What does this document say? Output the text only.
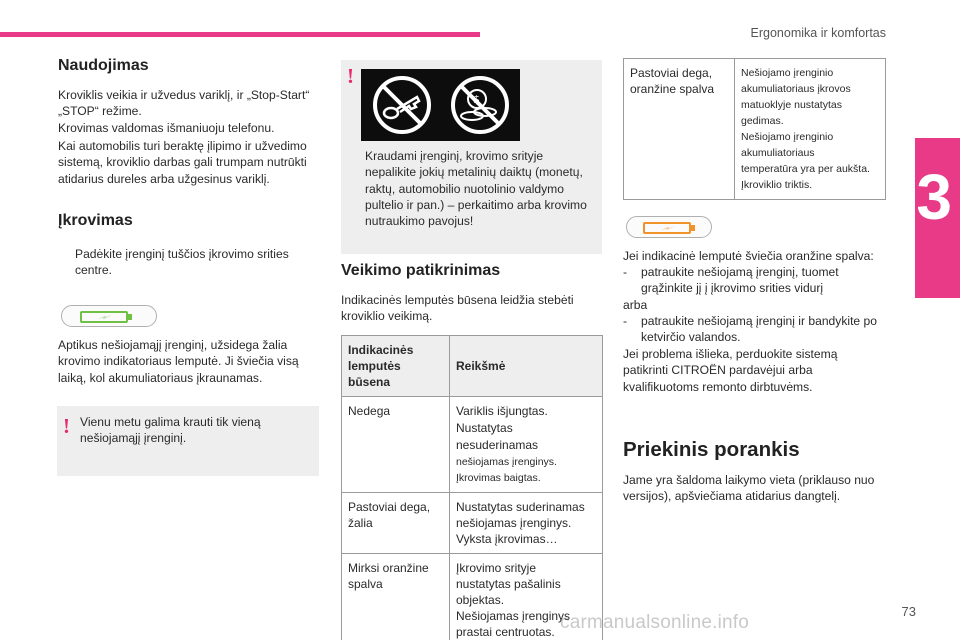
Ergonomika ir komfortas
3
73
carmanualsonline.info
Naudojimas

Kroviklis veikia ir užvedus variklį, ir „Stop-Start“
„STOP“ režime.
Krovimas valdomas išmaniuoju telefonu.

Kai automobilis turi beraktę įlipimo ir užvedimo
sistemą, kroviklio darbas gali trumpam nutrūkti
atidarius dureles arba užgesinus variklį.

Įkrovimas
Padėkite įrenginį tuščios įkrovimo srities
centre.

Aptikus nešiojamąjį įrenginį, užsidega žalia
krovimo indikatoriaus lemputė. Ji šviečia visą
laiką, kol akumuliatoriaus įkraunamas.

! Vienu metu galima krauti tik vieną
nešiojamąjį įrenginį.

!
$

Kraudami įrenginį, krovimo srityje
nepalikite jokių metalinių daiktų (monetų,
raktų, automobilio nuotolinio valdymo
pultelio ir pan.) – perkaitimo arba krovimo
nutraukimo pavojus!

Veikimo patikrinimas

Indikacinės lemputės būsena leidžia stebėti
kroviklio veikimą.

Indikacinės
lemputės būsena	Reikšmė
Nedega	Variklis išjungtas.
Nustatytas nesuderinamas
nešiojamas įrenginys.
Įkrovimas baigtas.
Pastoviai dega,
žalia	Nustatytas suderinamas
nešiojamas įrenginys.
Vyksta įkrovimas…
Mirksi oranžine
spalva	Įkrovimo srityje
nustatytas pašalinis
objektas.
Nešiojamas įrenginys
prastai centruotas.
Pastoviai dega,
oranžine spalva	Nešiojamo įrenginio
akumuliatoriaus įkrovos
matuoklyje nustatytas
gedimas.
Nešiojamo įrenginio
akumuliatoriaus
temperatūra yra per aukšta.
Įkroviklio triktis.

Jei indikacinė lemputė šviečia oranžine spalva:

- patraukite nešiojamą įrenginį, tuomet

grąžinkite jį į įkrovimo srities vidurį

arba

- patraukite nešiojamą įrenginį ir bandykite po

ketvirčio valandos.

Jei problema išlieka, perduokite sistemą
patikrinti CITROËN pardavėjui arba
kvalifikuotoms remonto dirbtuvėms.

Priekinis porankis

Jame yra šaldoma laikymo vieta (priklauso nuo
versijos), apšviečiama atidarius dangtelį.
